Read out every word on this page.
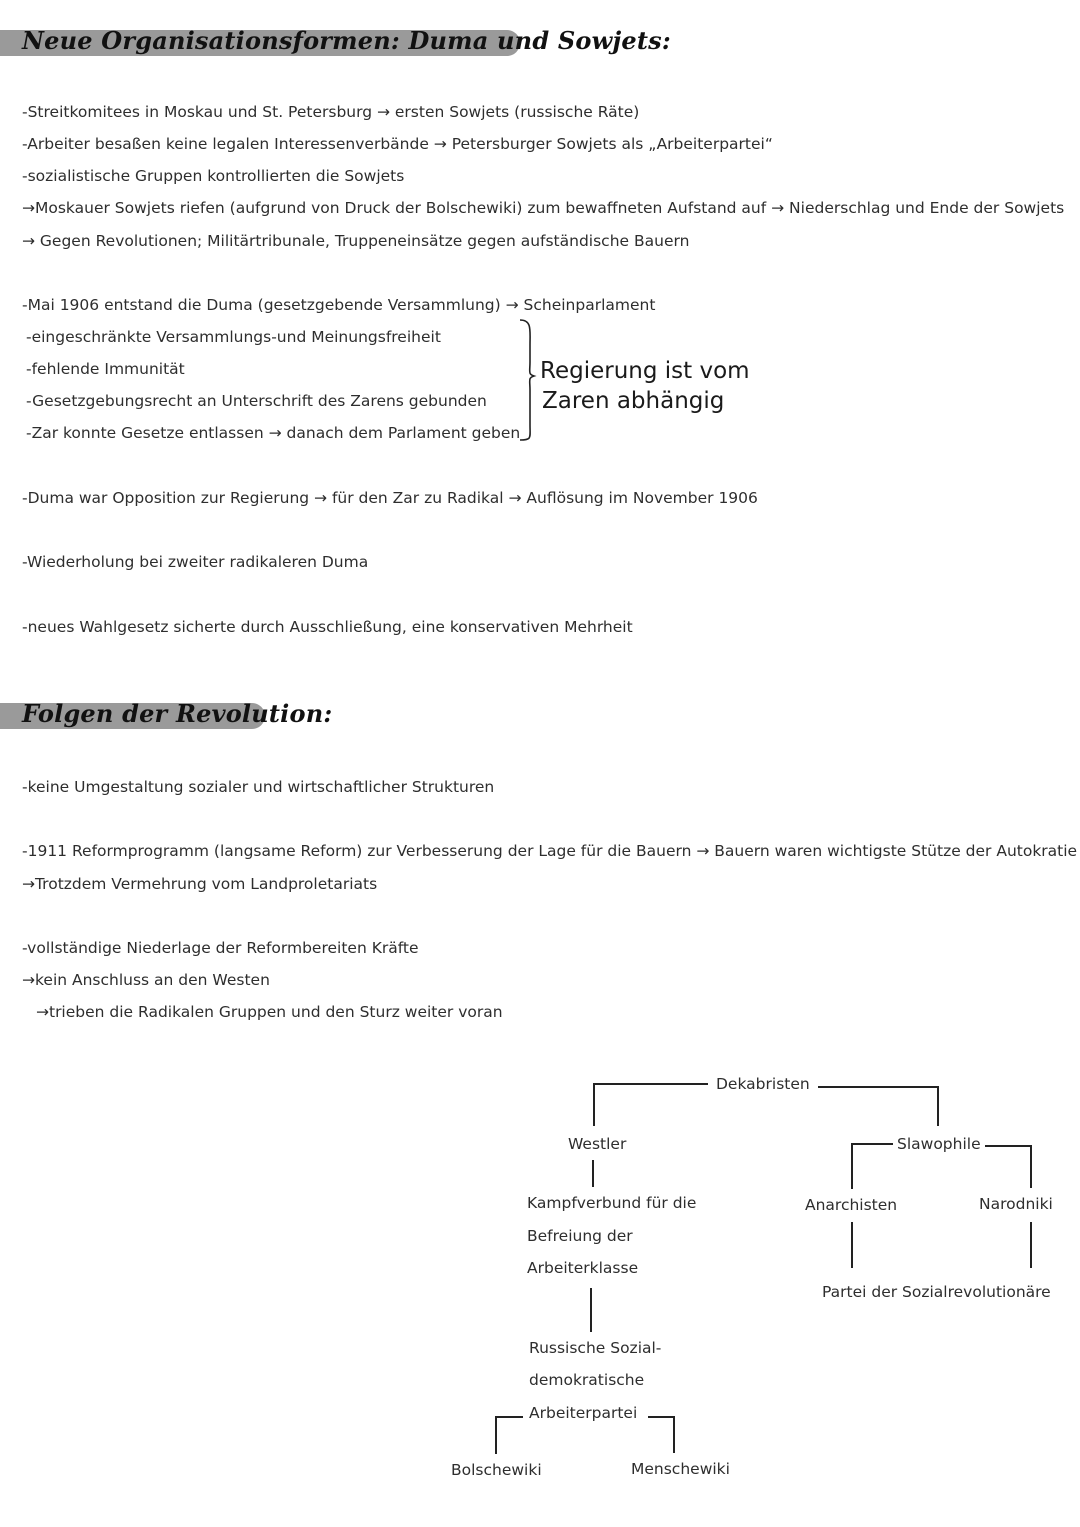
Neue Organisationsformen: Duma und Sowjets:
-Streitkomitees in Moskau und St. Petersburg → ersten Sowjets (russische Räte)
-Arbeiter besaßen keine legalen Interessenverbände → Petersburger Sowjets als „Arbeiterpartei“
-sozialistische Gruppen kontrollierten die Sowjets
→Moskauer Sowjets riefen (aufgrund von Druck der Bolschewiki) zum bewaffneten Aufstand auf → Niederschlag und Ende der Sowjets
→ Gegen Revolutionen; Militärtribunale, Truppeneinsätze gegen aufständische Bauern
-Mai 1906 entstand die Duma (gesetzgebende Versammlung) → Scheinparlament
-eingeschränkte Versammlungs-und Meinungsfreiheit
-fehlende Immunität
-Gesetzgebungsrecht an Unterschrift des Zarens gebunden
-Zar konnte Gesetze entlassen → danach dem Parlament geben
Regierung ist vom
Zaren abhängig
-Duma war Opposition zur Regierung → für den Zar zu Radikal → Auflösung im November 1906
-Wiederholung bei zweiter radikaleren Duma
-neues Wahlgesetz sicherte durch Ausschließung, eine konservativen Mehrheit
Folgen der Revolution:
-keine Umgestaltung sozialer und wirtschaftlicher Strukturen
-1911 Reformprogramm (langsame Reform) zur Verbesserung der Lage für die Bauern → Bauern waren wichtigste Stütze der Autokratie
→Trotzdem Vermehrung vom Landproletariats
-vollständige Niederlage der Reformbereiten Kräfte
→kein Anschluss an den Westen
→trieben die Radikalen Gruppen und den Sturz weiter voran
Dekabristen
Westler
Kampfverbund für die
Befreiung der
Arbeiterklasse
Russische Sozial-
demokratische
Arbeiterpartei
Bolschewiki	Menschewiki
Slawophile
Anarchisten	Narodniki
Partei der Sozialrevolutionäre
